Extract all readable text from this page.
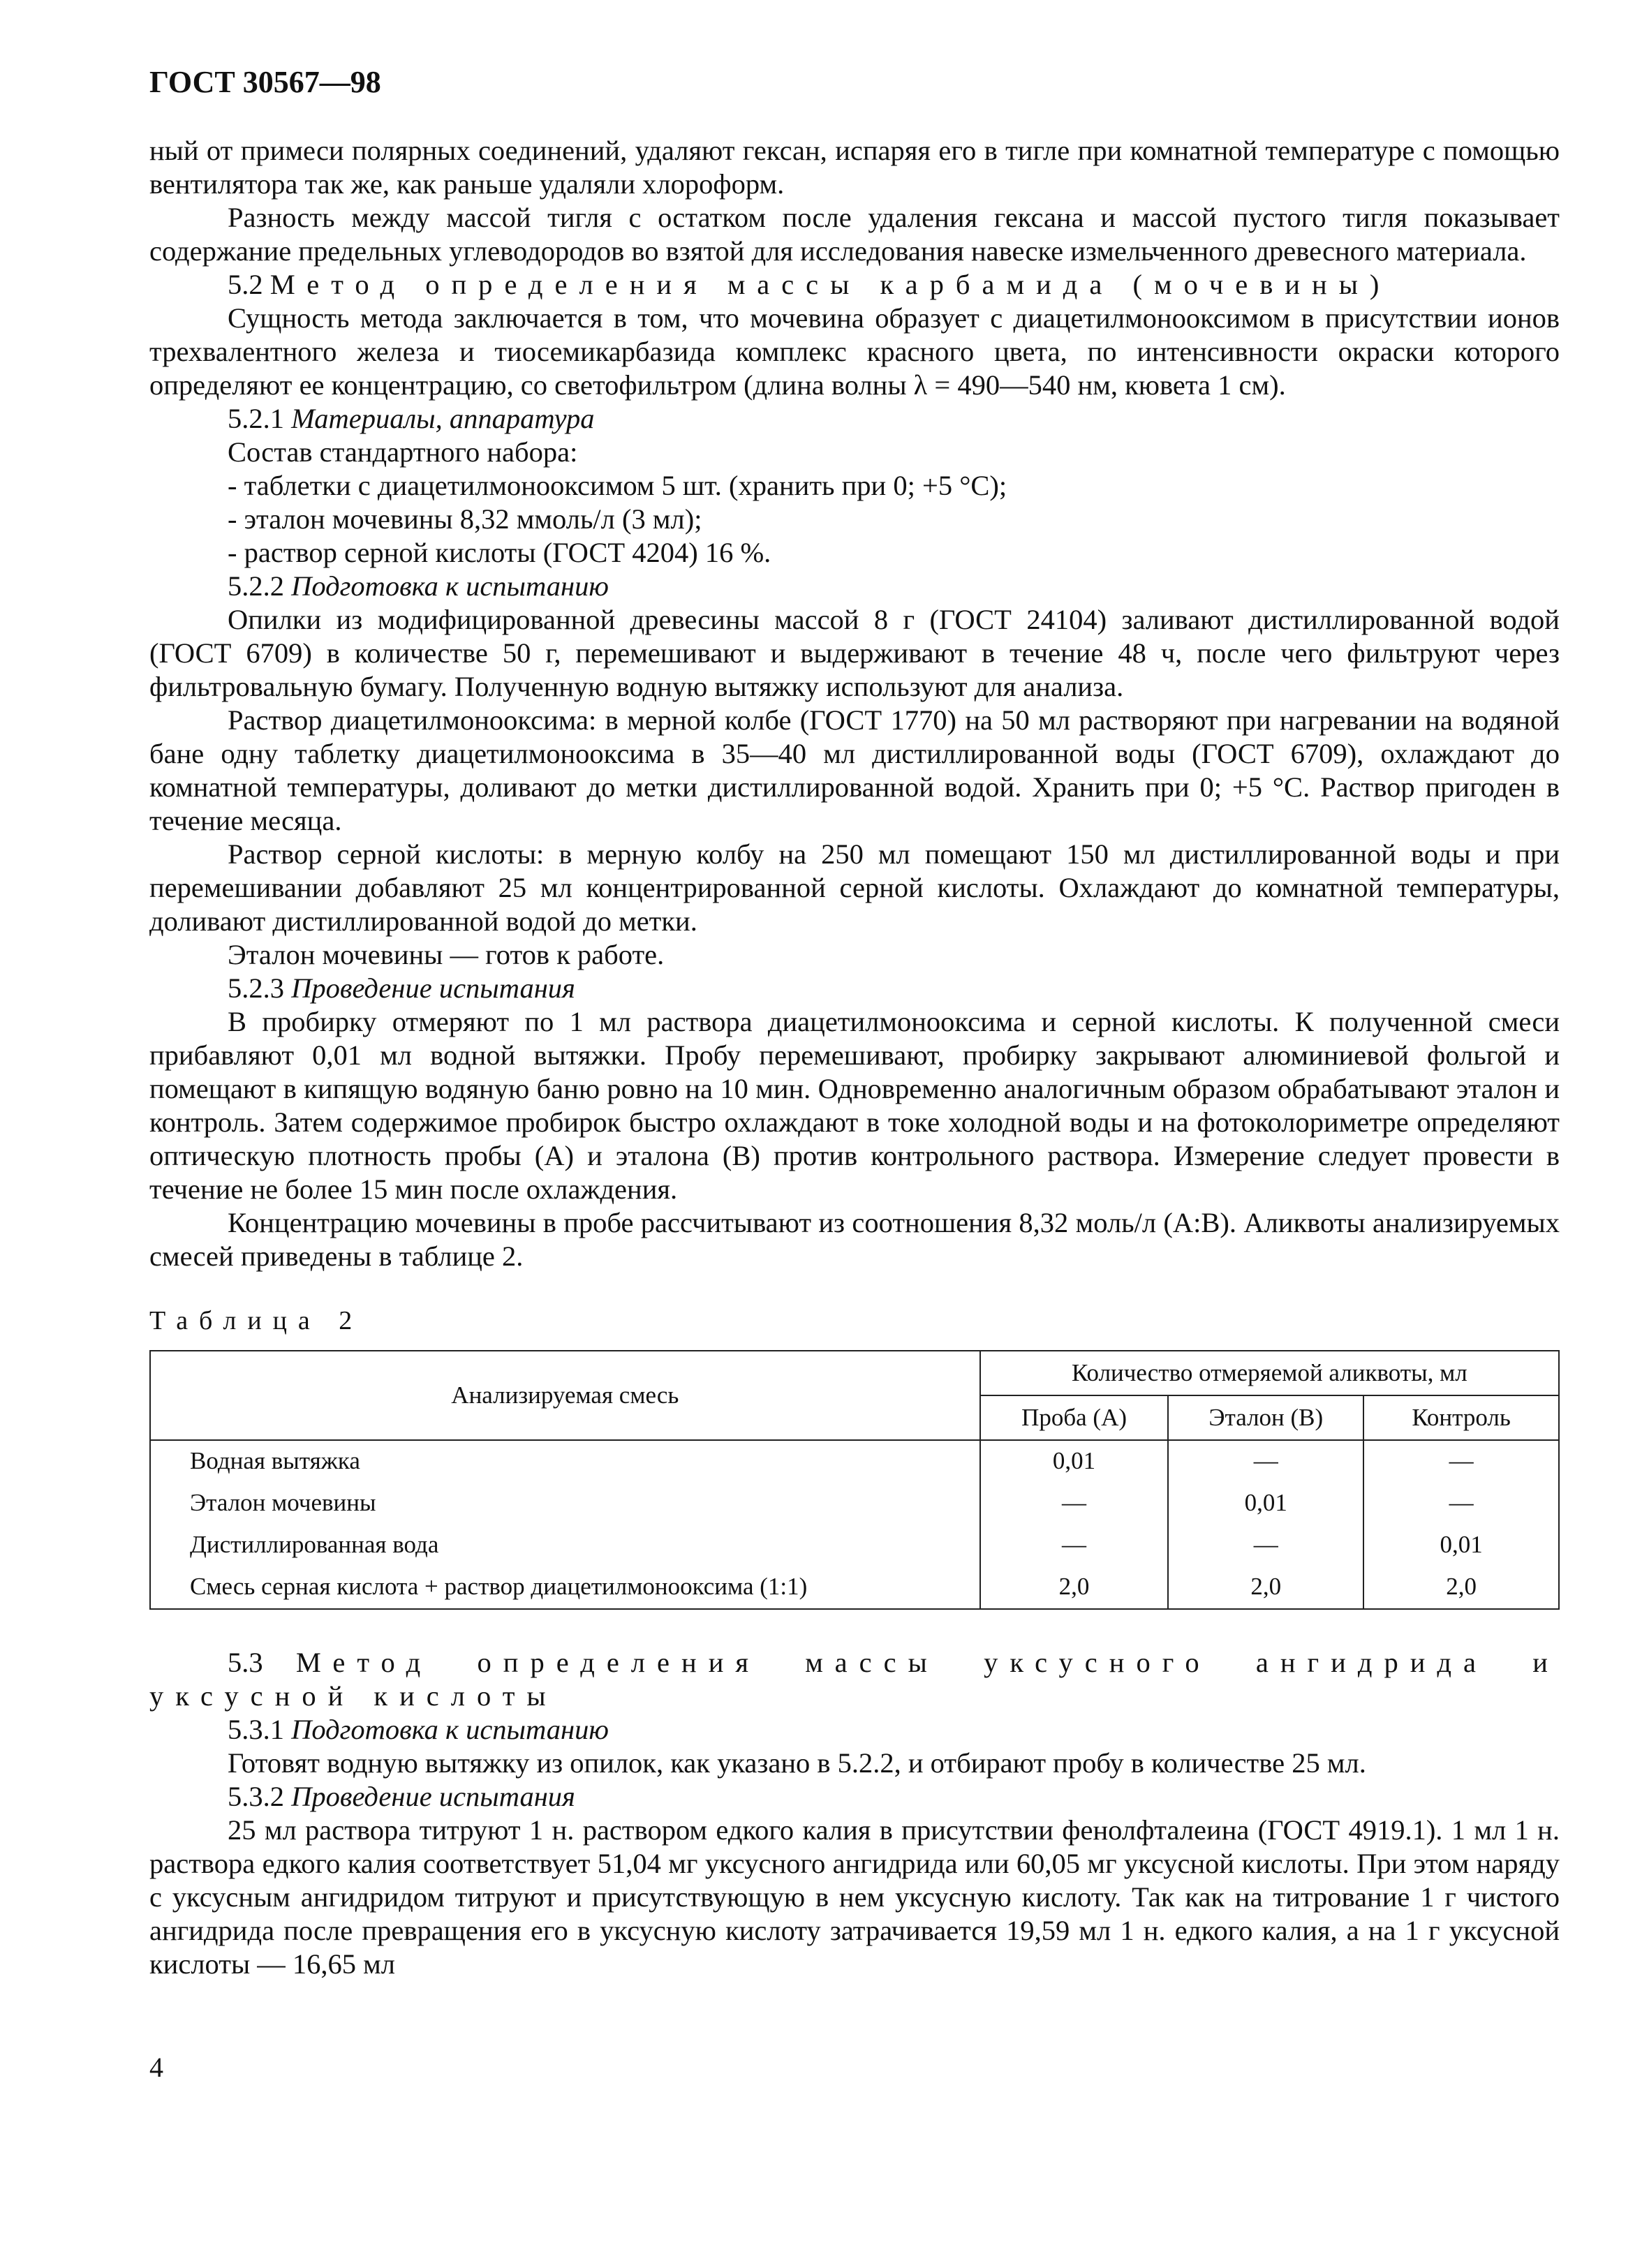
ГОСТ 30567—98

ный от примеси полярных соединений, удаляют гексан, испаряя его в тигле при комнатной температуре с помощью вентилятора так же, как раньше удаляли хлороформ.

Разность между массой тигля с остатком после удаления гексана и массой пустого тигля показывает содержание предельных углеводородов во взятой для исследования навеске измельченного древесного материала.

5.2 Метод определения массы карбамида (мочевины)

Сущность метода заключается в том, что мочевина образует с диацетилмонооксимом в присутствии ионов трехвалентного железа и тиосемикарбазида комплекс красного цвета, по интенсивности окраски которого определяют ее концентрацию, со светофильтром (длина волны λ = 490—540 нм, кювета 1 см).

5.2.1 Материалы, аппаратура

Состав стандартного набора:

- таблетки с диацетилмонооксимом 5 шт. (хранить при 0; +5 °С);

- эталон мочевины 8,32 ммоль/л (3 мл);

- раствор серной кислоты (ГОСТ 4204) 16 %.

5.2.2 Подготовка к испытанию

Опилки из модифицированной древесины массой 8 г (ГОСТ 24104) заливают дистиллированной водой (ГОСТ 6709) в количестве 50 г, перемешивают и выдерживают в течение 48 ч, после чего фильтруют через фильтровальную бумагу. Полученную водную вытяжку используют для анализа.

Раствор диацетилмонооксима: в мерной колбе (ГОСТ 1770) на 50 мл растворяют при нагревании на водяной бане одну таблетку диацетилмонооксима в 35—40 мл дистиллированной воды (ГОСТ 6709), охлаждают до комнатной температуры, доливают до метки дистиллированной водой. Хранить при 0; +5 °С. Раствор пригоден в течение месяца.

Раствор серной кислоты: в мерную колбу на 250 мл помещают 150 мл дистиллированной воды и при перемешивании добавляют 25 мл концентрированной серной кислоты. Охлаждают до комнатной температуры, доливают дистиллированной водой до метки.

Эталон мочевины — готов к работе.

5.2.3 Проведение испытания

В пробирку отмеряют по 1 мл раствора диацетилмонооксима и серной кислоты. К полученной смеси прибавляют 0,01 мл водной вытяжки. Пробу перемешивают, пробирку закрывают алюминиевой фольгой и помещают в кипящую водяную баню ровно на 10 мин. Одновременно аналогичным образом обрабатывают эталон и контроль. Затем содержимое пробирок быстро охлаждают в токе холодной воды и на фотоколориметре определяют оптическую плотность пробы (А) и эталона (В) против контрольного раствора. Измерение следует провести в течение не более 15 мин после охлаждения.

Концентрацию мочевины в пробе рассчитывают из соотношения 8,32 моль/л (А:В). Аликвоты анализируемых смесей приведены в таблице 2.

Таблица 2
Анализируемая смесь	Количество отмеряемой аликвоты, мл		
	Проба (А)	Эталон (В)	Контроль
Водная вытяжка	0,01	—	—
Эталон мочевины	—	0,01	—
Дистиллированная вода	—	—	0,01
Смесь серная кислота + раствор диацетилмонооксима (1:1)	2,0	2,0	2,0

5.3 Метод определения массы уксусного ангидрида и

уксусной кислоты

5.3.1 Подготовка к испытанию

Готовят водную вытяжку из опилок, как указано в 5.2.2, и отбирают пробу в количестве 25 мл.

5.3.2 Проведение испытания

25 мл раствора титруют 1 н. раствором едкого калия в присутствии фенолфталеина (ГОСТ 4919.1). 1 мл 1 н. раствора едкого калия соответствует 51,04 мг уксусного ангидрида или 60,05 мг уксусной кислоты. При этом наряду с уксусным ангидридом титруют и присутствующую в нем уксусную кислоту. Так как на титрование 1 г чистого ангидрида после превращения его в уксусную кислоту затрачивается 19,59 мл 1 н. едкого калия, а на 1 г уксусной кислоты — 16,65 мл

4
